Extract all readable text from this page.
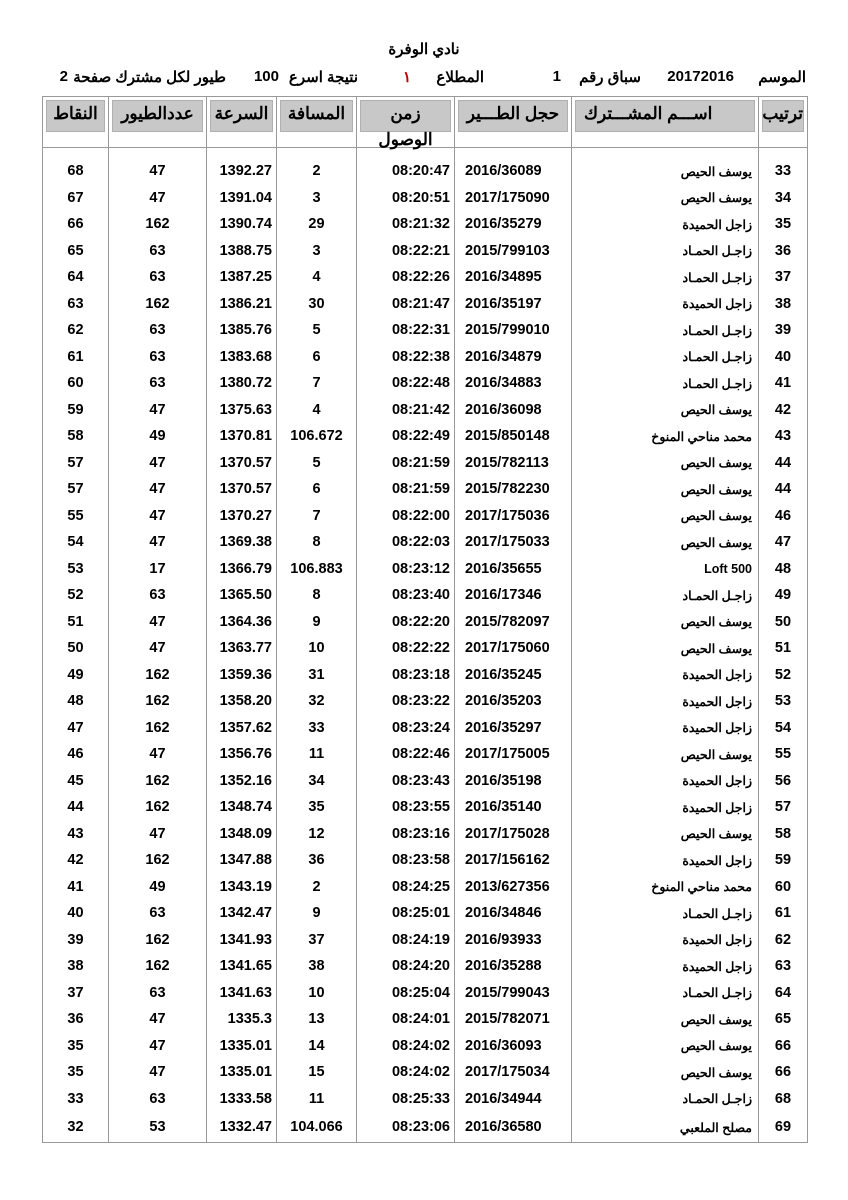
نادي الوفرة
الموسم
20172016
سباق رقم
1
المطلاع
١
نتيجة اسرع
100
طيور لكل مشترك صفحة
2
ترتيب	اســـم المشـــترك	حجل الطـــير	زمن الوصول	المسافة	السرعة	عددالطيور	النقاط

33	يوسف الحيص	2016/36089	08:20:47	2	1392.27	47	68
34	يوسف الحيص	2017/175090	08:20:51	3	1391.04	47	67
35	زاجل الحميدة	2016/35279	08:21:32	29	1390.74	162	66
36	زاجـل الحمـاد	2015/799103	08:22:21	3	1388.75	63	65
37	زاجـل الحمـاد	2016/34895	08:22:26	4	1387.25	63	64
38	زاجل الحميدة	2016/35197	08:21:47	30	1386.21	162	63
39	زاجـل الحمـاد	2015/799010	08:22:31	5	1385.76	63	62
40	زاجـل الحمـاد	2016/34879	08:22:38	6	1383.68	63	61
41	زاجـل الحمـاد	2016/34883	08:22:48	7	1380.72	63	60
42	يوسف الحيص	2016/36098	08:21:42	4	1375.63	47	59
43	محمد مناحي المنوخ	2015/850148	08:22:49	106.672	1370.81	49	58
44	يوسف الحيص	2015/782113	08:21:59	5	1370.57	47	57
44	يوسف الحيص	2015/782230	08:21:59	6	1370.57	47	57
46	يوسف الحيص	2017/175036	08:22:00	7	1370.27	47	55
47	يوسف الحيص	2017/175033	08:22:03	8	1369.38	47	54
48	Loft 500	2016/35655	08:23:12	106.883	1366.79	17	53
49	زاجـل الحمـاد	2016/17346	08:23:40	8	1365.50	63	52
50	يوسف الحيص	2015/782097	08:22:20	9	1364.36	47	51
51	يوسف الحيص	2017/175060	08:22:22	10	1363.77	47	50
52	زاجل الحميدة	2016/35245	08:23:18	31	1359.36	162	49
53	زاجل الحميدة	2016/35203	08:23:22	32	1358.20	162	48
54	زاجل الحميدة	2016/35297	08:23:24	33	1357.62	162	47
55	يوسف الحيص	2017/175005	08:22:46	11	1356.76	47	46
56	زاجل الحميدة	2016/35198	08:23:43	34	1352.16	162	45
57	زاجل الحميدة	2016/35140	08:23:55	35	1348.74	162	44
58	يوسف الحيص	2017/175028	08:23:16	12	1348.09	47	43
59	زاجل الحميدة	2017/156162	08:23:58	36	1347.88	162	42
60	محمد مناحي المنوخ	2013/627356	08:24:25	2	1343.19	49	41
61	زاجـل الحمـاد	2016/34846	08:25:01	9	1342.47	63	40
62	زاجل الحميدة	2016/93933	08:24:19	37	1341.93	162	39
63	زاجل الحميدة	2016/35288	08:24:20	38	1341.65	162	38
64	زاجـل الحمـاد	2015/799043	08:25:04	10	1341.63	63	37
65	يوسف الحيص	2015/782071	08:24:01	13	1335.3	47	36
66	يوسف الحيص	2016/36093	08:24:02	14	1335.01	47	35
66	يوسف الحيص	2017/175034	08:24:02	15	1335.01	47	35
68	زاجـل الحمـاد	2016/34944	08:25:33	11	1333.58	63	33
69	مصلح الملعبي	2016/36580	08:23:06	104.066	1332.47	53	32
